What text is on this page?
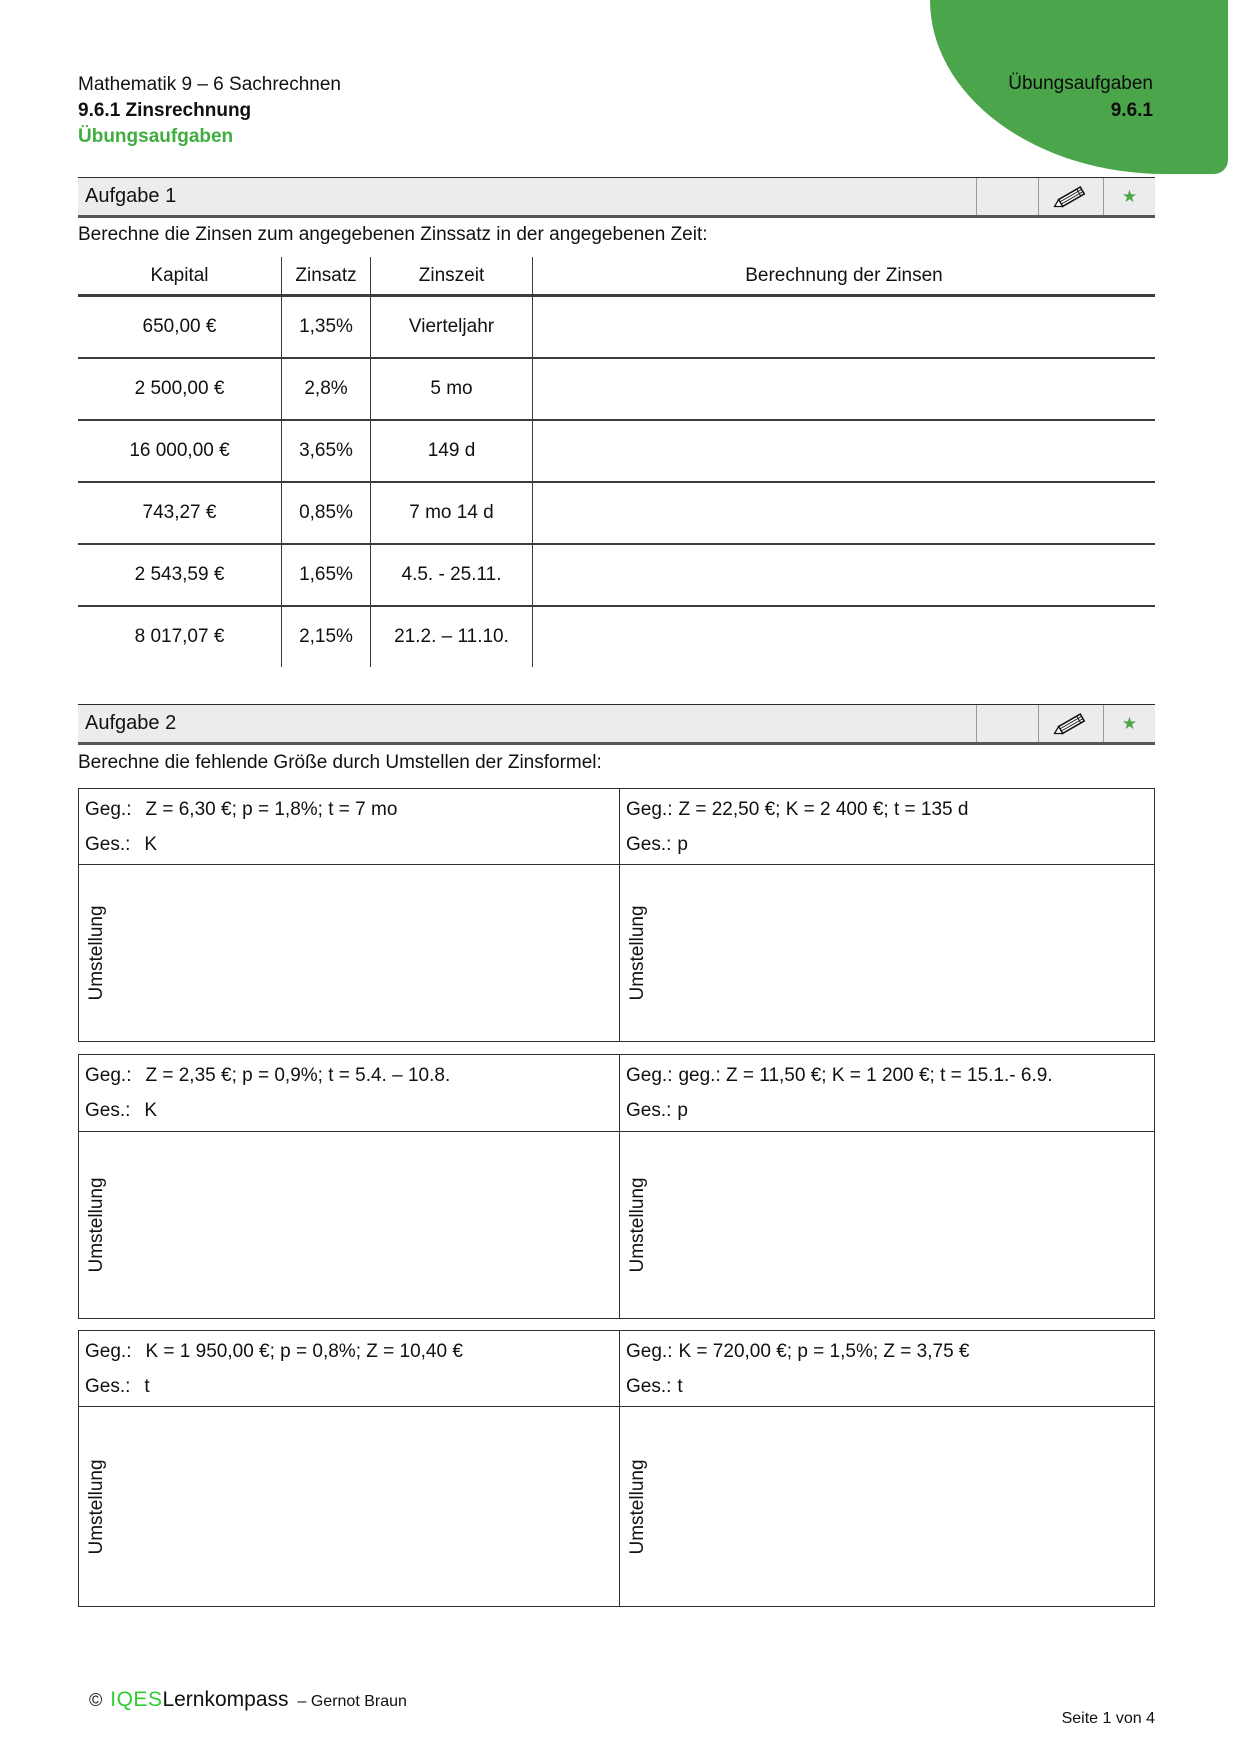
Übungsaufgaben
9.6.1
Mathematik 9 – 6 Sachrechnen
9.6.1 Zinsrechnung
Übungsaufgaben
Aufgabe 1	★
Berechne die Zinsen zum angegebenen Zinssatz in der angegebenen Zeit:
Kapital	Zinsatz	Zinszeit	Berechnung der Zinsen
650,00 €	1,35%	Vierteljahr
2 500,00 €	2,8%	5 mo
16 000,00 €	3,65%	149 d
743,27 €	0,85%	7 mo 14 d
2 543,59 €	1,65%	4.5. - 25.11.
8 017,07 €	2,15%	21.2. – 11.10.
Aufgabe 2	★
Berechne die fehlende Größe durch Umstellen der Zinsformel:
Geg.: Z = 6,30 €; p = 1,8%; t = 7 mo
Ges.: K
Geg.: Z = 22,50 €; K = 2 400 €; t = 135 d
Ges.: p
Umstellung	Umstellung
Geg.: Z = 2,35 €; p = 0,9%; t = 5.4. – 10.8.
Ges.: K
Geg.: geg.: Z = 11,50 €; K = 1 200 €; t = 15.1.- 6.9.
Ges.: p
Umstellung	Umstellung
Geg.: K = 1 950,00 €; p = 0,8%; Z = 10,40 €
Ges.: t
Geg.: K = 720,00 €; p = 1,5%; Z = 3,75 €
Ges.: t
Umstellung	Umstellung
© IQES Lernkompass – Gernot Braun
Seite 1 von 4
